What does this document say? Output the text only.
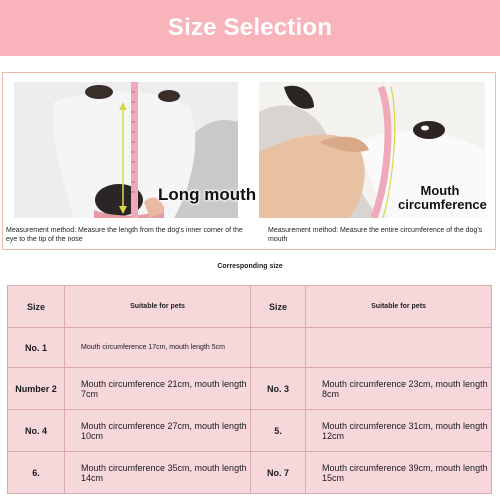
Size Selection
Long mouth	Mouth
circumference
Measurement method: Measure the length from the dog's inner corner of the eye to the tip of the nose
Measurement method: Measure the entire circumference of the dog's mouth
Corresponding size
Size	Suitable for pets	Size	Suitable for pets
No. 1	Mouth circumference 17cm, mouth length 5cm		
Number 2	Mouth circumference 21cm, mouth length 7cm	No. 3	Mouth circumference 23cm, mouth length 8cm
No. 4	Mouth circumference 27cm, mouth length 10cm	5.	Mouth circumference 31cm, mouth length 12cm
6.	Mouth circumference 35cm, mouth length 14cm	No. 7	Mouth circumference 39cm, mouth length 15cm
